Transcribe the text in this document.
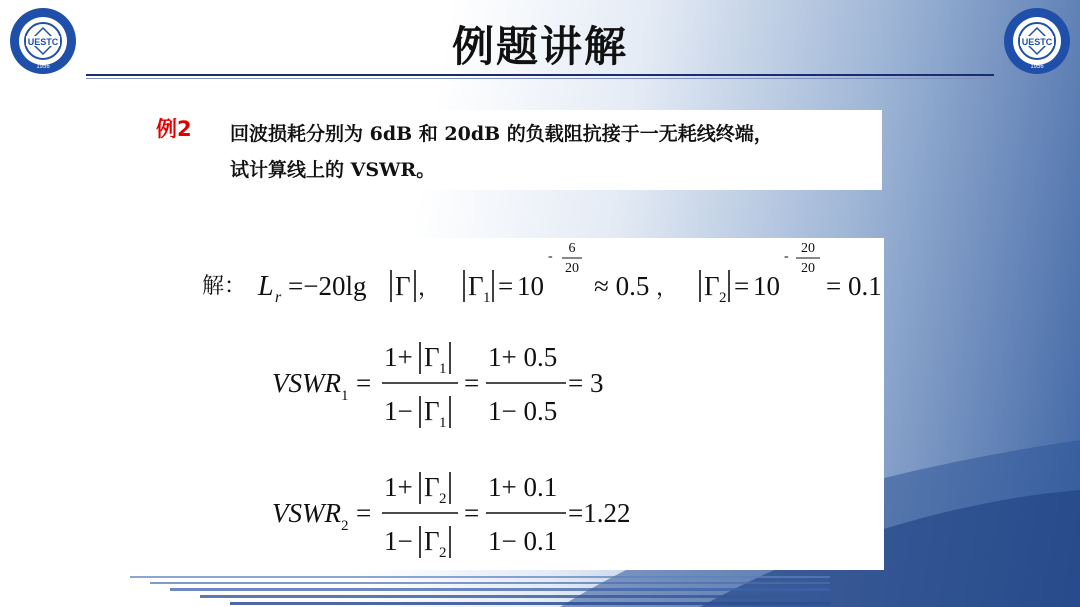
UESTC
1956
UESTC
1956
例题讲解
例2 回波损耗分别为 6dB 和 20dB 的负载阻抗接于一无耗线终端，
试计算线上的 VSWR。
解： L r =−20lg Γ ， Γ 1 = 10
-
6
20
≈ 0.5 ， Γ 2 = 10
-
20
20
= 0.1
VSWR 1 =
1+ Γ 1
1− Γ 1
=
1+ 0.5
1− 0.5
= 3
VSWR 2 =
1+ Γ 2
1− Γ 2
=
1+ 0.1
1− 0.1
=1.22
